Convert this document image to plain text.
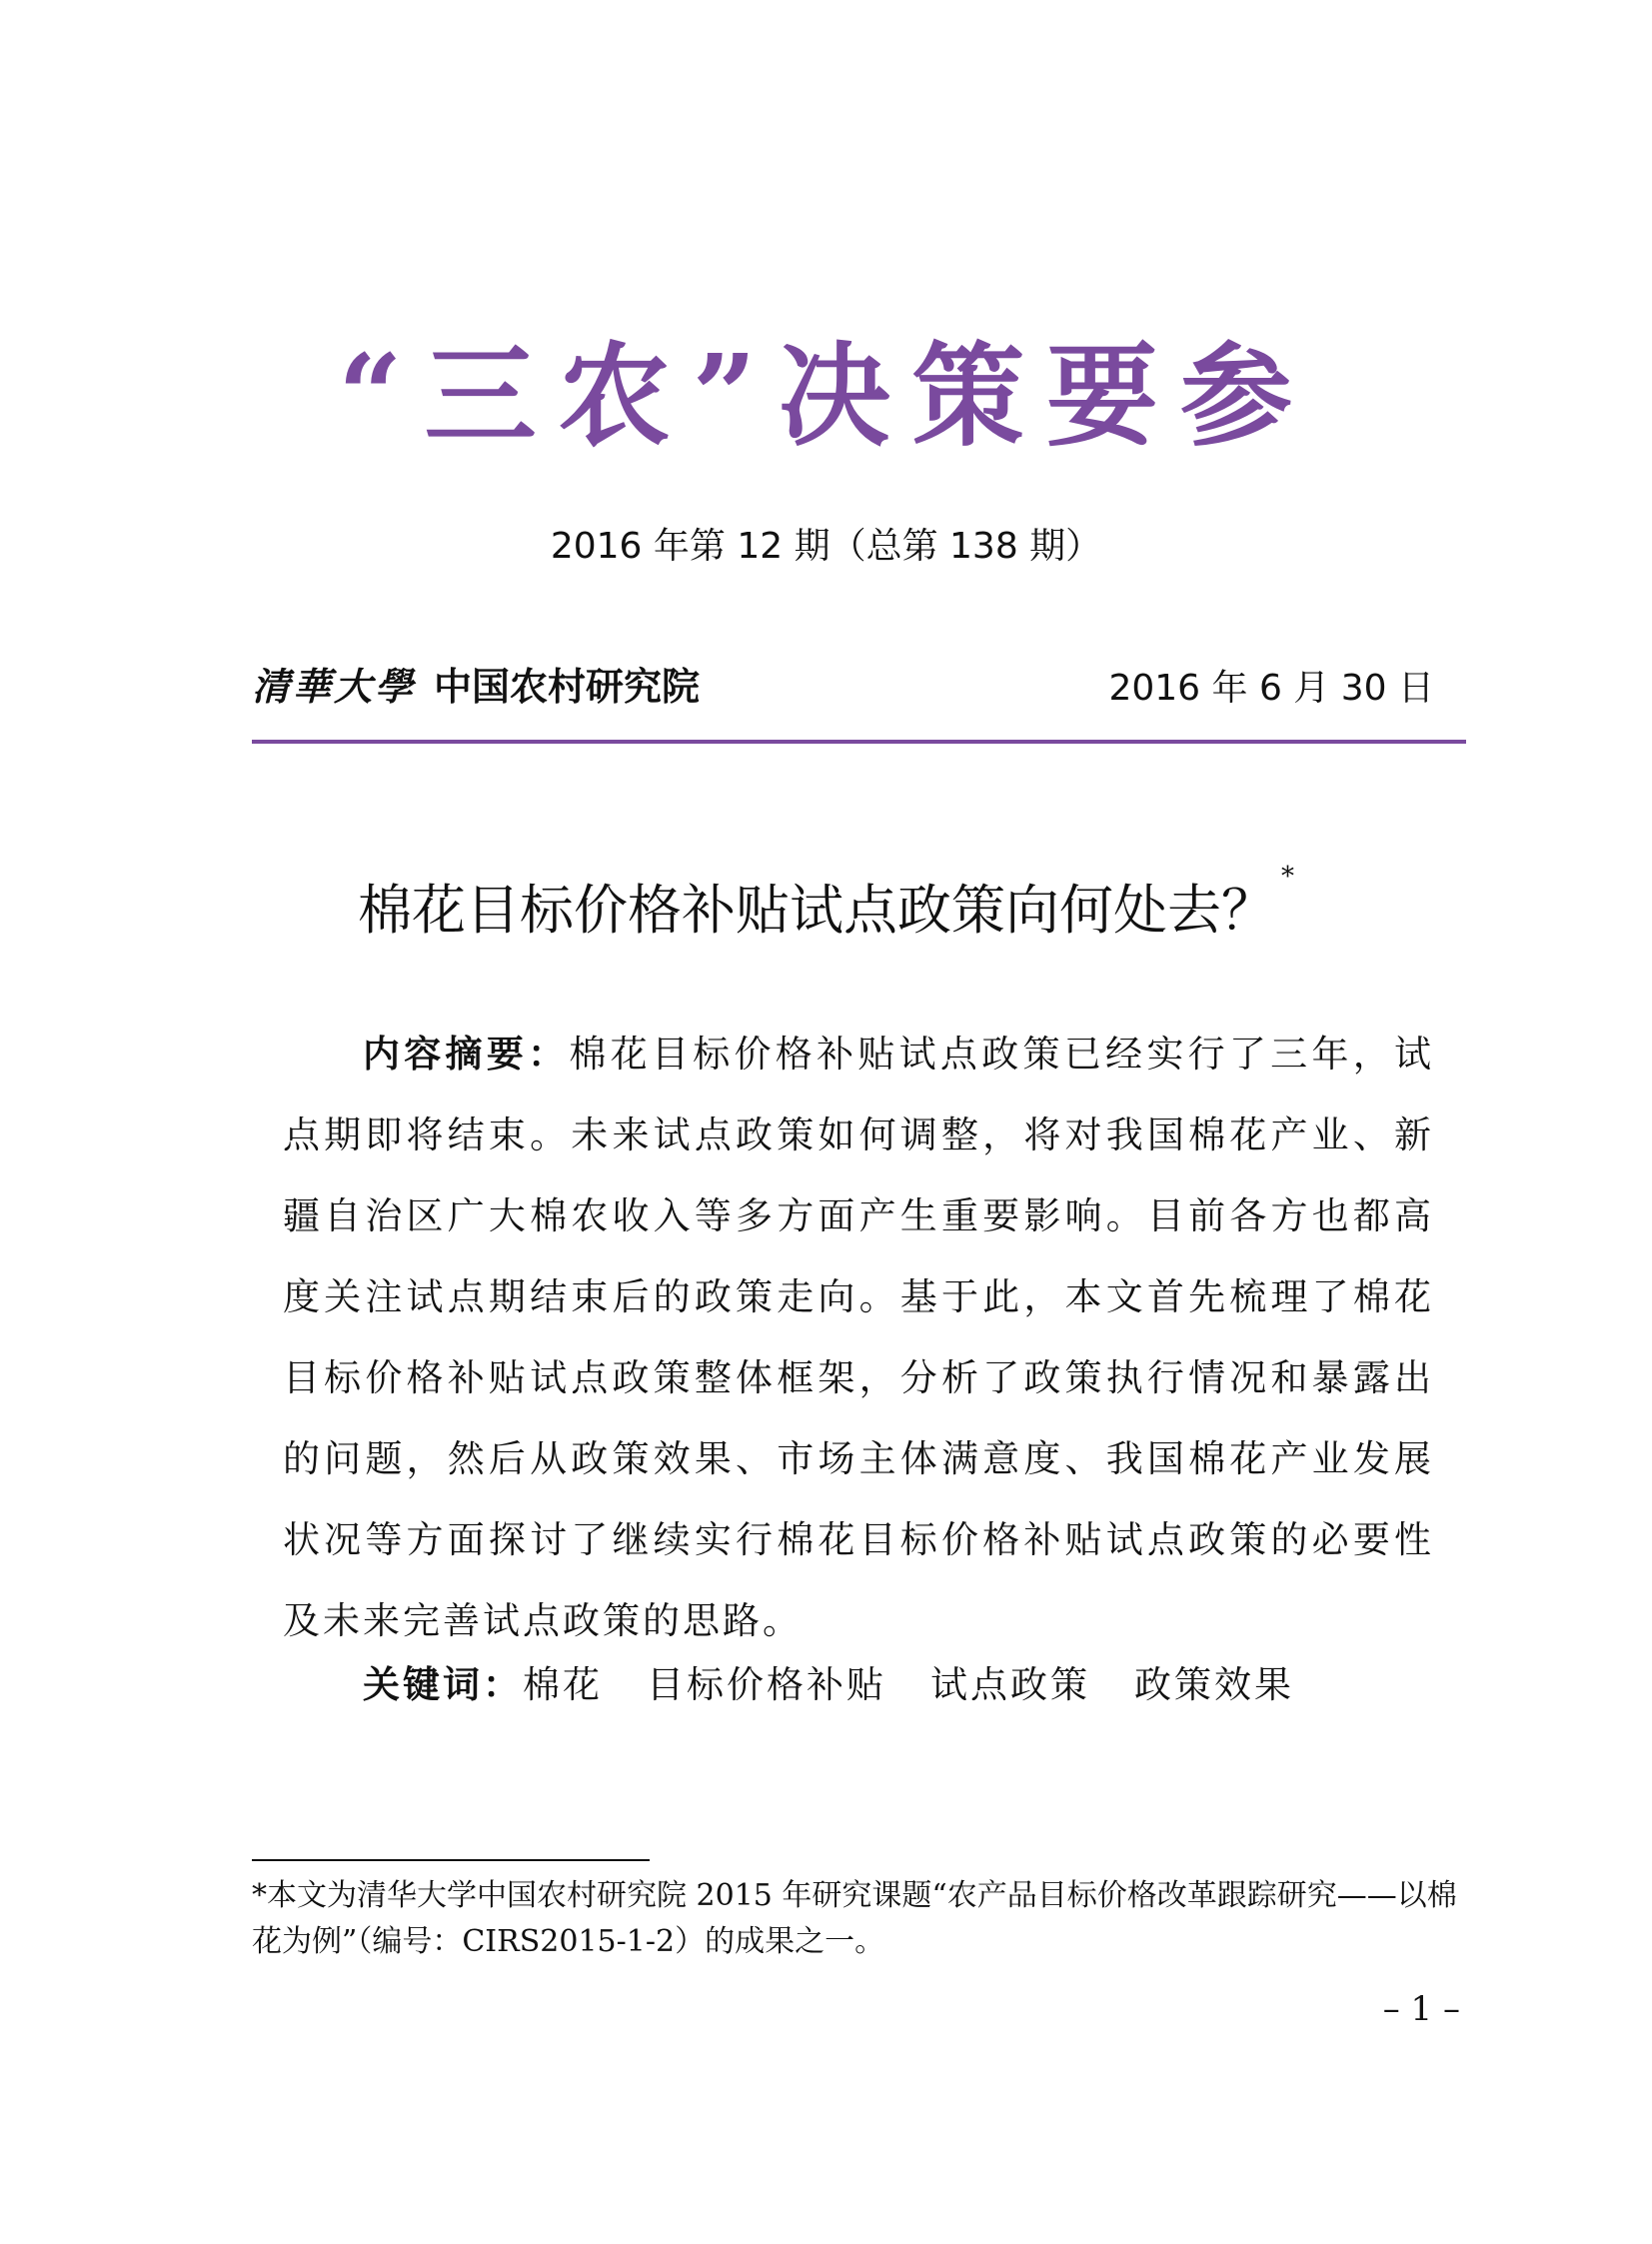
“三农”决策要参
2016 年第 12 期（总第 138 期）
清華大學 中国农村研究院	2016 年 6 月 30 日
棉花目标价格补贴试点政策向何处去？*
内容摘要：棉花目标价格补贴试点政策已经实行了三年，试点期即将结束。未来试点政策如何调整，将对我国棉花产业、新疆自治区广大棉农收入等多方面产生重要影响。目前各方也都高度关注试点期结束后的政策走向。基于此，本文首先梳理了棉花目标价格补贴试点政策整体框架，分析了政策执行情况和暴露出的问题，然后从政策效果、市场主体满意度、我国棉花产业发展状况等方面探讨了继续实行棉花目标价格补贴试点政策的必要性及未来完善试点政策的思路。
关键词：棉花 目标价格补贴 试点政策 政策效果
*本文为清华大学中国农村研究院 2015 年研究课题“农产品目标价格改革跟踪研究——以棉花为例”（编号：CIRS2015-1-2）的成果之一。
– 1 –
